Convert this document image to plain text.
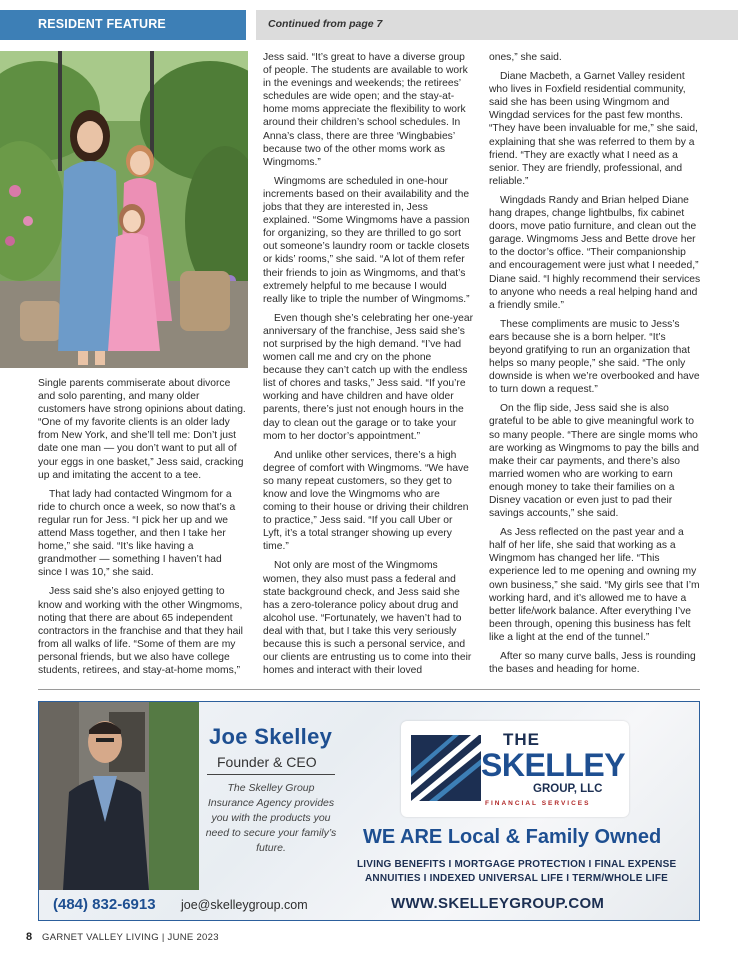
RESIDENT FEATURE	Continued from page 7

Single parents commiserate about divorce and solo parenting, and many older customers have strong opinions about dating. “One of my favorite clients is an older lady from New York, and she’ll tell me: Don’t just date one man — you don’t want to put all of your eggs in one basket,” Jess said, cracking up and imitating the accent to a tee.

That lady had contacted Wingmom for a ride to church once a week, so now that’s a regular run for Jess. “I pick her up and we attend Mass together, and then I take her home,” she said. “It’s like having a grandmother — something I haven’t had since I was 10,” she said.

Jess said she’s also enjoyed getting to know and working with the other Wingmoms, noting that there are about 65 independent contractors in the franchise and that they hail from all walks of life. “Some of them are my personal friends, but we also have college students, retirees, and stay-at-home moms,”

Jess said. “It’s great to have a diverse group of people. The students are available to work in the evenings and weekends; the retirees’ schedules are wide open; and the stay-at-home moms appreciate the flexibility to work around their children’s school schedules. In Anna’s class, there are three ‘Wingbabies’ because two of the other moms work as Wingmoms.”

Wingmoms are scheduled in one-hour increments based on their availability and the jobs that they are interested in, Jess explained. “Some Wingmoms have a passion for organizing, so they are thrilled to go sort out someone’s laundry room or tackle closets or kids’ rooms,” she said. “A lot of them refer their friends to join as Wingmoms, and that’s extremely helpful to me because I would really like to triple the number of Wingmoms.”

Even though she’s celebrating her one-year anniversary of the franchise, Jess said she’s not surprised by the high demand. “I’ve had women call me and cry on the phone because they can’t catch up with the endless list of chores and tasks,” Jess said. “If you’re working and have children and have older parents, there’s just not enough hours in the day to clean out the garage or to take your mom to her doctor’s appointment.”

And unlike other services, there’s a high degree of comfort with Wingmoms. “We have so many repeat customers, so they get to know and love the Wingmoms who are coming to their house or driving their children to practice,” Jess said. “If you call Uber or Lyft, it’s a total stranger showing up every time.”

Not only are most of the Wingmoms women, they also must pass a federal and state background check, and Jess said she has a zero-tolerance policy about drug and alcohol use. “Fortunately, we haven’t had to deal with that, but I take this very seriously because this is such a personal service, and our clients are entrusting us to come into their homes and interact with their loved

ones,” she said.

Diane Macbeth, a Garnet Valley resident who lives in Foxfield residential community, said she has been using Wingmom and Wingdad services for the past few months. “They have been invaluable for me,” she said, explaining that she was referred to them by a friend. “They are exactly what I need as a senior. They are friendly, professional, and reliable.”

Wingdads Randy and Brian helped Diane hang drapes, change lightbulbs, fix cabinet doors, move patio furniture, and clean out the garage. Wingmoms Jess and Bette drove her to the doctor’s office. “Their companionship and encouragement were just what I needed,” Diane said. “I highly recommend their services to anyone who needs a real helping hand and a friendly smile.”

These compliments are music to Jess’s ears because she is a born helper. “It’s beyond gratifying to run an organization that helps so many people,” she said. “The only downside is when we’re overbooked and have to turn down a request.”

On the flip side, Jess said she is also grateful to be able to give meaningful work to so many people. “There are single moms who are working as Wingmoms to pay the bills and make their car payments, and there’s also married women who are working to earn enough money to take their families on a Disney vacation or even just to pad their savings accounts,” she said.

As Jess reflected on the past year and a half of her life, she said that working as a Wingmom has changed her life. “This experience led to me opening and owning my own business,” she said. “My girls see that I’m working hard, and it’s allowed me to have a better life/work balance. After everything I’ve been through, opening this business has felt like a light at the end of the tunnel.”

After so many curve balls, Jess is rounding the bases and heading for home.

Joe Skelley
Founder & CEO
The Skelley Group Insurance Agency provides you with the products you need to secure your family’s future.
(484) 832-6913 joe@skelleygroup.com
THE
SKELLEY
GROUP, LLC
FINANCIAL SERVICES
WE ARE Local & Family Owned
LIVING BENEFITS I MORTGAGE PROTECTION I FINAL EXPENSE
ANNUITIES I INDEXED UNIVERSAL LIFE I TERM/WHOLE LIFE
WWW.SKELLEYGROUP.COM
8 GARNET VALLEY LIVING | JUNE 2023
